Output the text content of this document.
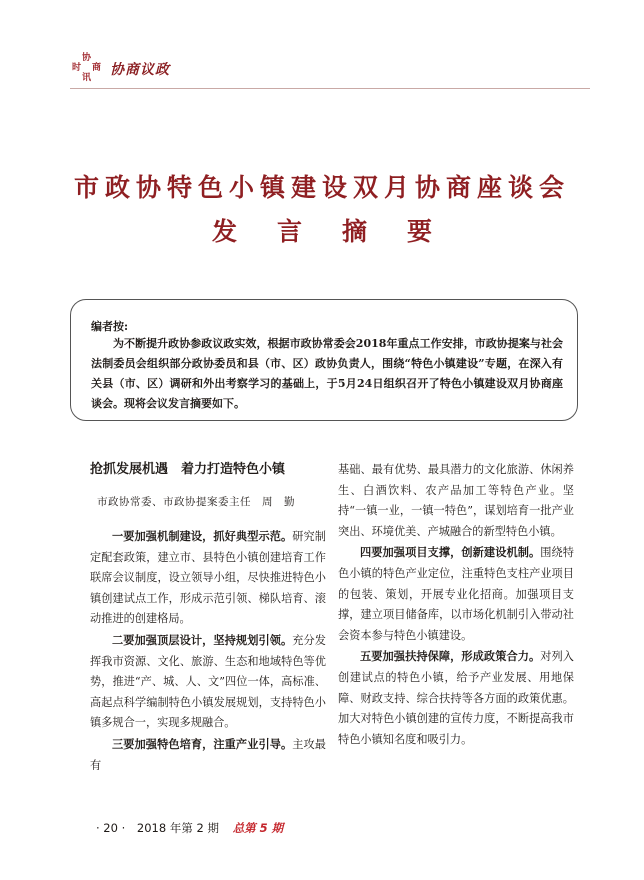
协
商
时
讯 协商议政
市政协特色小镇建设双月协商座谈会
发言摘要
编者按:
为不断提升政协参政议政实效，根据市政协常委会2018年重点工作安排，市政协提案与社会法制委员会组织部分政协委员和县（市、区）政协负责人，围绕“特色小镇建设”专题，在深入有关县（市、区）调研和外出考察学习的基础上，于5月24日组织召开了特色小镇建设双月协商座谈会。现将会议发言摘要如下。
抢抓发展机遇　着力打造特色小镇
市政协常委、市政协提案委主任　周　勤

一要加强机制建设，抓好典型示范。研究制定配套政策，建立市、县特色小镇创建培育工作联席会议制度，设立领导小组，尽快推进特色小镇创建试点工作，形成示范引领、梯队培育、滚动推进的创建格局。

二要加强顶层设计，坚持规划引领。充分发挥我市资源、文化、旅游、生态和地域特色等优势，推进“产、城、人、文”四位一体，高标准、高起点科学编制特色小镇发展规划，支持特色小镇多规合一，实现多规融合。

三要加强特色培育，注重产业引导。主攻最有

基础、最有优势、最具潜力的文化旅游、休闲养生、白酒饮料、农产品加工等特色产业。坚持“一镇一业，一镇一特色”，谋划培育一批产业突出、环境优美、产城融合的新型特色小镇。

四要加强项目支撑，创新建设机制。围绕特色小镇的特色产业定位，注重特色支柱产业项目的包装、策划，开展专业化招商。加强项目支撑，建立项目储备库，以市场化机制引入带动社会资本参与特色小镇建设。

五要加强扶持保障，形成政策合力。对列入创建试点的特色小镇，给予产业发展、用地保障、财政支持、综合扶持等各方面的政策优惠。加大对特色小镇创建的宣传力度，不断提高我市特色小镇知名度和吸引力。

· 20 · 2018 年第 2 期 总第 5 期
